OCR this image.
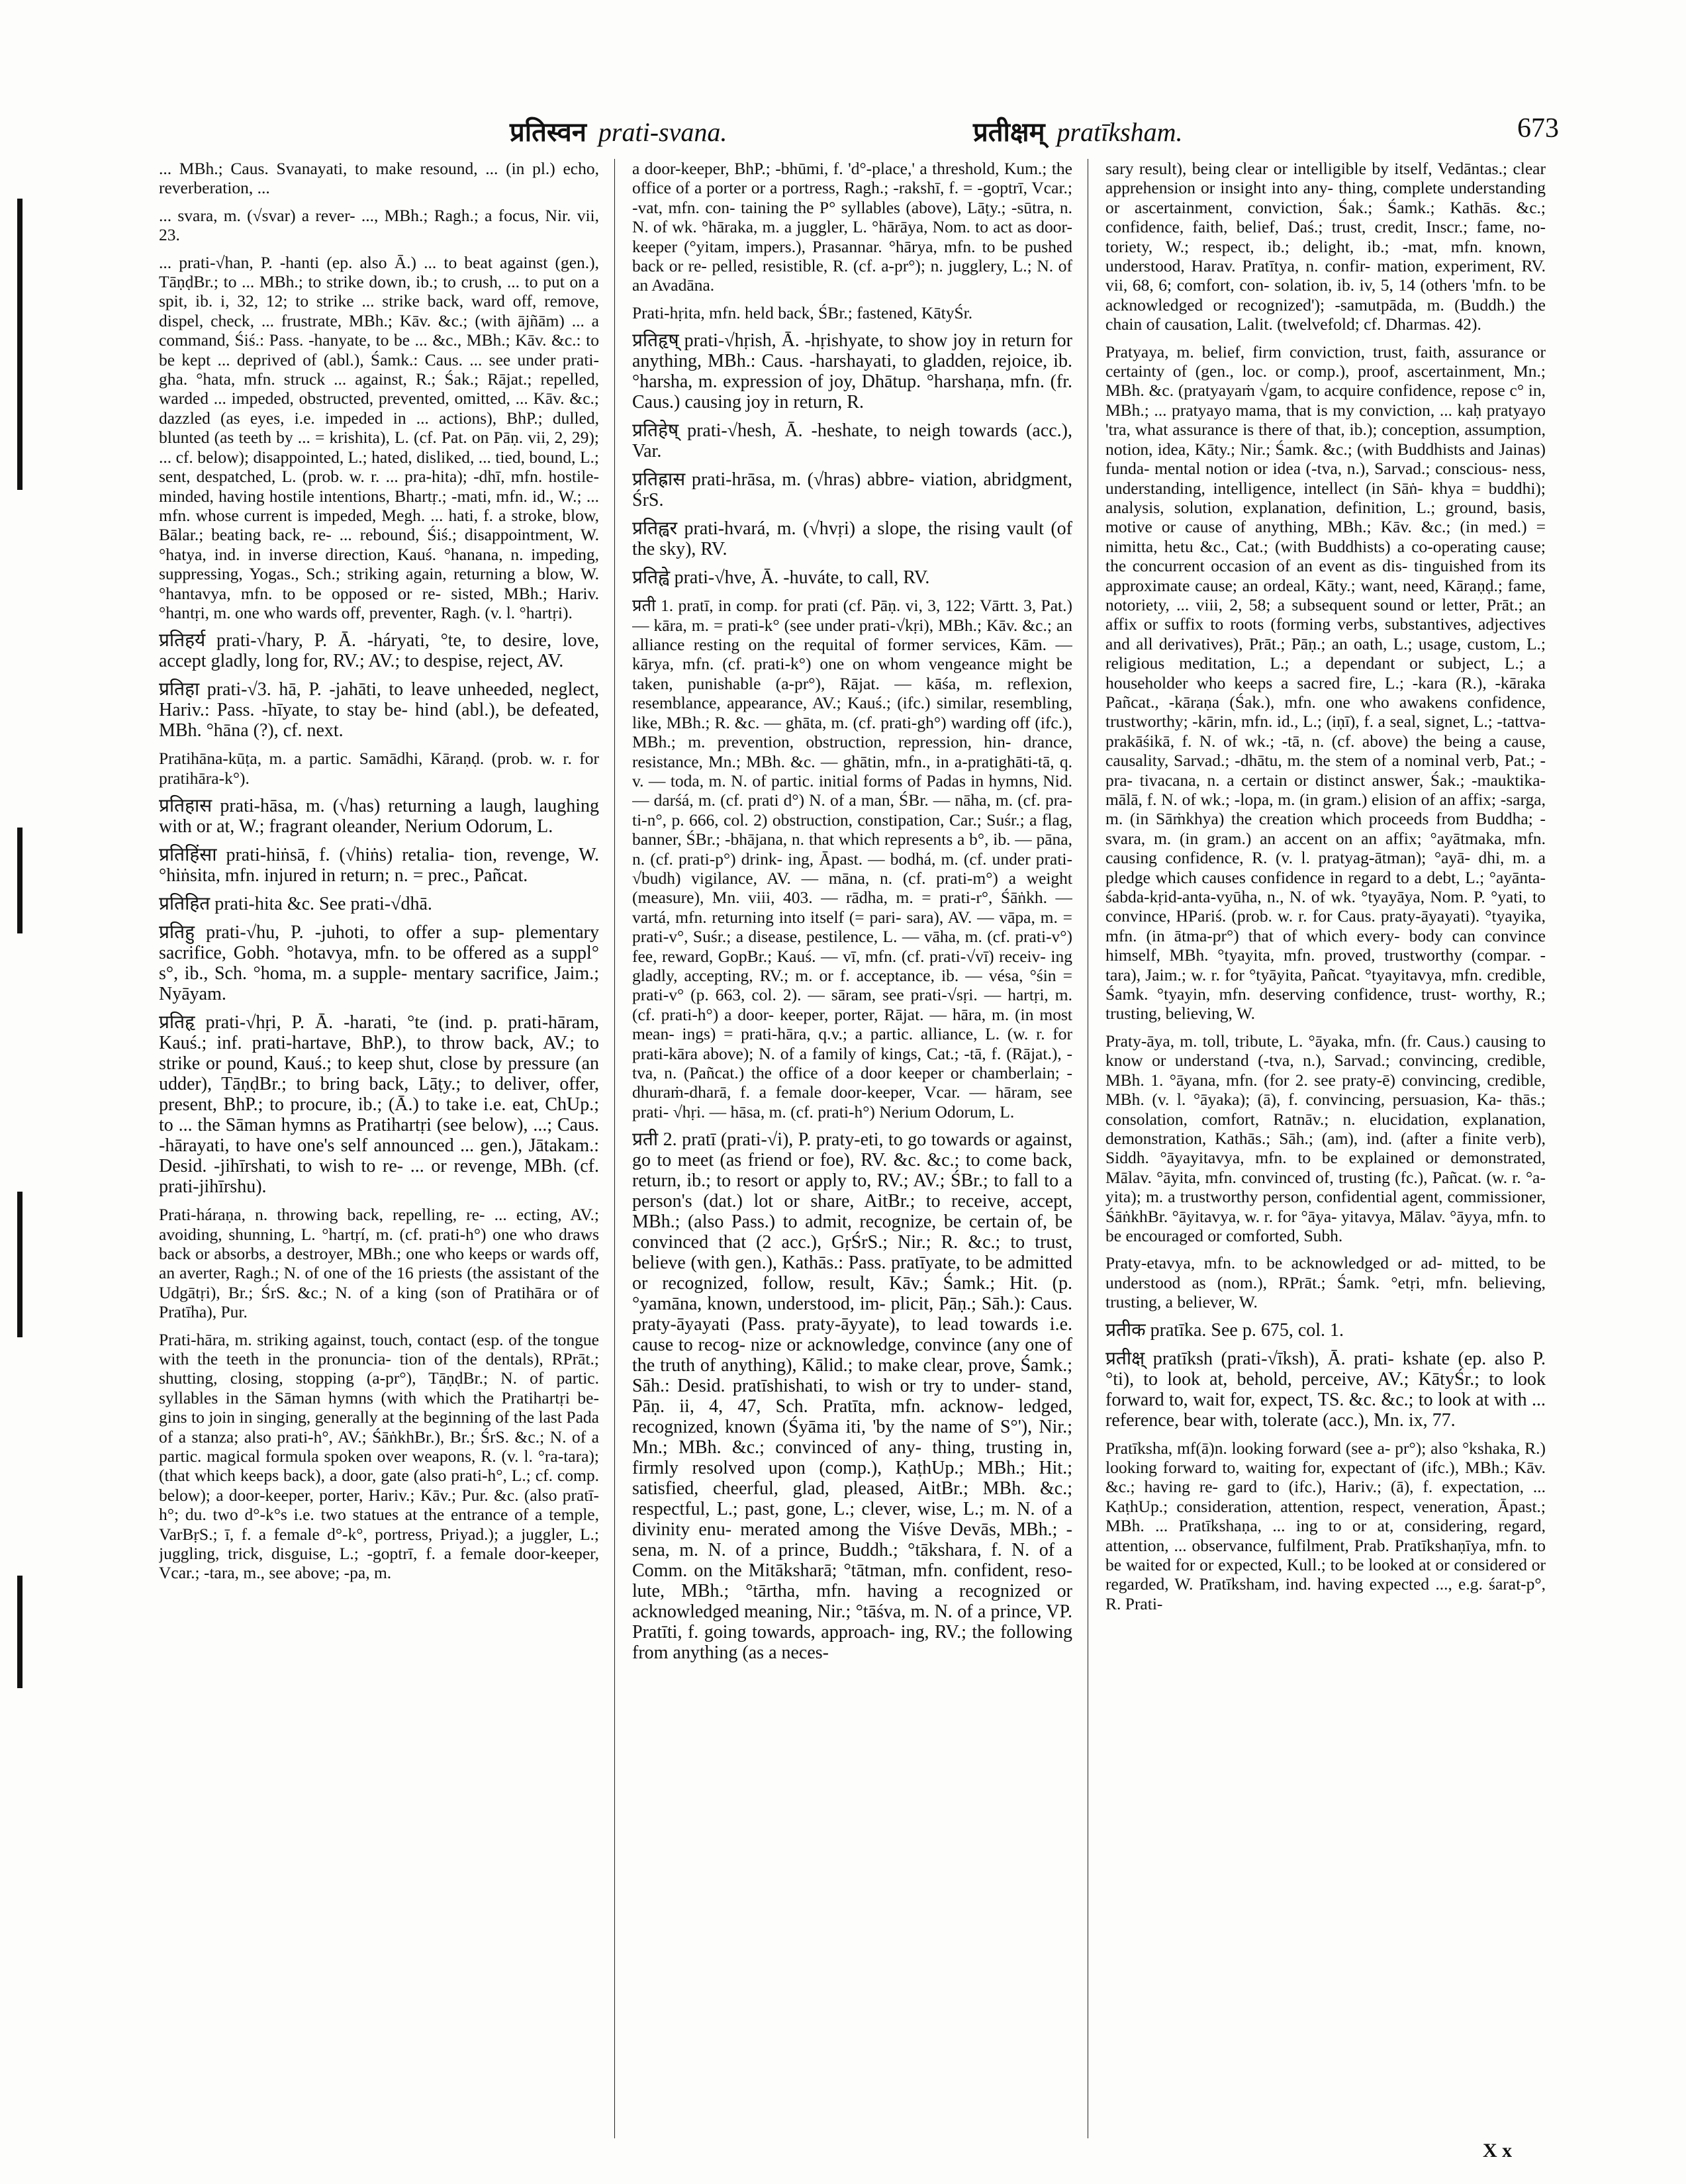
प्रतिस्वन prati-svana.	प्रतीक्षम् pratīksham.	673

... MBh.; Caus. Svanayati, to make resound, ... (in pl.) echo, reverberation, ...

... svara, m. (√svar) a rever- ..., MBh.; Ragh.; a focus, Nir. vii, 23.

... prati-√han, P. -hanti (ep. also Ā.) ... to beat against (gen.), TāṇḍBr.; to ... MBh.; to strike down, ib.; to crush, ... to put on a spit, ib. i, 32, 12; to strike ... strike back, ward off, remove, dispel, check, ... frustrate, MBh.; Kāv. &c.; (with ājñām) ... a command, Śiś.: Pass. -hanyate, to be ... &c., MBh.; Kāv. &c.: to be kept ... deprived of (abl.), Śamk.: Caus. ... see under prati-gha. °hata, mfn. struck ... against, R.; Śak.; Rājat.; repelled, warded ... impeded, obstructed, prevented, omitted, ... Kāv. &c.; dazzled (as eyes, i.e. impeded in ... actions), BhP.; dulled, blunted (as teeth by ... = krishita), L. (cf. Pat. on Pāṇ. vii, 2, 29); ... cf. below); disappointed, L.; hated, disliked, ... tied, bound, L.; sent, despatched, L. (prob. w. r. ... pra-hita); -dhī, mfn. hostile-minded, having hostile intentions, Bhartṛ.; -mati, mfn. id., W.; ... mfn. whose current is impeded, Megh. ... hati, f. a stroke, blow, Bālar.; beating back, re- ... rebound, Śiś.; disappointment, W. °hatya, ind. in inverse direction, Kauś. °hanana, n. impeding, suppressing, Yogas., Sch.; striking again, returning a blow, W. °hantavya, mfn. to be opposed or re- sisted, MBh.; Hariv. °hantṛi, m. one who wards off, preventer, Ragh. (v. l. °hartṛi).

प्रतिहर्य prati-√hary, P. Ā. -háryati, °te, to desire, love, accept gladly, long for, RV.; AV.; to despise, reject, AV.

प्रतिहा prati-√3. hā, P. -jahāti, to leave unheeded, neglect, Hariv.: Pass. -hīyate, to stay be- hind (abl.), be defeated, MBh. °hāna (?), cf. next.

Pratihāna-kūṭa, m. a partic. Samādhi, Kāraṇḍ. (prob. w. r. for pratihāra-k°).

प्रतिहास prati-hāsa, m. (√has) returning a laugh, laughing with or at, W.; fragrant oleander, Nerium Odorum, L.

प्रतिहिंसा prati-hiṅsā, f. (√hiṅs) retalia- tion, revenge, W. °hiṅsita, mfn. injured in return; n. = prec., Pañcat.

प्रतिहित prati-hita &c. See prati-√dhā.

प्रतिहु prati-√hu, P. -juhoti, to offer a sup- plementary sacrifice, Gobh. °hotavya, mfn. to be offered as a suppl° s°, ib., Sch. °homa, m. a supple- mentary sacrifice, Jaim.; Nyāyam.

प्रतिहृ prati-√hṛi, P. Ā. -harati, °te (ind. p. prati-hāram, Kauś.; inf. prati-hartave, BhP.), to throw back, AV.; to strike or pound, Kauś.; to keep shut, close by pressure (an udder), TāṇḍBr.; to bring back, Lāṭy.; to deliver, offer, present, BhP.; to procure, ib.; (Ā.) to take i.e. eat, ChUp.; to ... the Sāman hymns as Pratihartṛi (see below), ...; Caus. -hārayati, to have one's self announced ... gen.), Jātakam.: Desid. -jihīrshati, to wish to re- ... or revenge, MBh. (cf. prati-jihīrshu).

Prati-háraṇa, n. throwing back, repelling, re- ... ecting, AV.; avoiding, shunning, L. °hartṛí, m. (cf. prati-h°) one who draws back or absorbs, a destroyer, MBh.; one who keeps or wards off, an averter, Ragh.; N. of one of the 16 priests (the assistant of the Udgātṛi), Br.; ŚrS. &c.; N. of a king (son of Pratihāra or of Pratīha), Pur.

Prati-hāra, m. striking against, touch, contact (esp. of the tongue with the teeth in the pronuncia- tion of the dentals), RPrāt.; shutting, closing, stopping (a-pr°), TāṇḍBr.; N. of partic. syllables in the Sāman hymns (with which the Pratihartṛi be- gins to join in singing, generally at the beginning of the last Pada of a stanza; also prati-h°, AV.; ŚāṅkhBr.), Br.; ŚrS. &c.; N. of a partic. magical formula spoken over weapons, R. (v. l. °ra-tara); (that which keeps back), a door, gate (also prati-h°, L.; cf. comp. below); a door-keeper, porter, Hariv.; Kāv.; Pur. &c. (also pratī-h°; du. two d°-k°s i.e. two statues at the entrance of a temple, VarBṛS.; ī, f. a female d°-k°, portress, Priyad.); a juggler, L.; juggling, trick, disguise, L.; -goptrī, f. a female door-keeper, Vcar.; -tara, m., see above; -pa, m.

a door-keeper, BhP.; -bhūmi, f. 'd°-place,' a threshold, Kum.; the office of a porter or a portress, Ragh.; -rakshī, f. = -goptrī, Vcar.; -vat, mfn. con- taining the P° syllables (above), Lāṭy.; -sūtra, n. N. of wk. °hāraka, m. a juggler, L. °hārāya, Nom. to act as door-keeper (°yitam, impers.), Prasannar. °hārya, mfn. to be pushed back or re- pelled, resistible, R. (cf. a-pr°); n. jugglery, L.; N. of an Avadāna.

Prati-hṛita, mfn. held back, ŚBr.; fastened, KātyŚr.

प्रतिहृष् prati-√hṛish, Ā. -hṛishyate, to show joy in return for anything, MBh.: Caus. -harshayati, to gladden, rejoice, ib. °harsha, m. expression of joy, Dhātup. °harshaṇa, mfn. (fr. Caus.) causing joy in return, R.

प्रतिहेष् prati-√hesh, Ā. -heshate, to neigh towards (acc.), Var.

प्रतिह्रास prati-hrāsa, m. (√hras) abbre- viation, abridgment, ŚrS.

प्रतिह्वर prati-hvará, m. (√hvṛi) a slope, the rising vault (of the sky), RV.

प्रतिह्वे prati-√hve, Ā. -huváte, to call, RV.

प्रती 1. pratī, in comp. for prati (cf. Pāṇ. vi, 3, 122; Vārtt. 3, Pat.) — kāra, m. = prati-k° (see under prati-√kṛi), MBh.; Kāv. &c.; an alliance resting on the requital of former services, Kām. — kārya, mfn. (cf. prati-k°) one on whom vengeance might be taken, punishable (a-pr°), Rājat. — kāśa, m. reflexion, resemblance, appearance, AV.; Kauś.; (ifc.) similar, resembling, like, MBh.; R. &c. — ghāta, m. (cf. prati-gh°) warding off (ifc.), MBh.; m. prevention, obstruction, repression, hin- drance, resistance, Mn.; MBh. &c. — ghātin, mfn., in a-pratighāti-tā, q. v. — toda, m. N. of partic. initial forms of Padas in hymns, Nid. — darśá, m. (cf. prati d°) N. of a man, ŚBr. — nāha, m. (cf. pra- ti-n°, p. 666, col. 2) obstruction, constipation, Car.; Suśr.; a flag, banner, ŚBr.; -bhājana, n. that which represents a b°, ib. — pāna, n. (cf. prati-p°) drink- ing, Āpast. — bodhá, m. (cf. under prati-√budh) vigilance, AV. — māna, n. (cf. prati-m°) a weight (measure), Mn. viii, 403. — rādha, m. = prati-r°, Śāṅkh. — vartá, mfn. returning into itself (= pari- sara), AV. — vāpa, m. = prati-v°, Suśr.; a disease, pestilence, L. — vāha, m. (cf. prati-v°) fee, reward, GopBr.; Kauś. — vī, mfn. (cf. prati-√vī) receiv- ing gladly, accepting, RV.; m. or f. acceptance, ib. — vésa, °śin = prati-v° (p. 663, col. 2). — sāram, see prati-√sṛi. — hartṛi, m. (cf. prati-h°) a door- keeper, porter, Rājat. — hāra, m. (in most mean- ings) = prati-hāra, q.v.; a partic. alliance, L. (w. r. for prati-kāra above); N. of a family of kings, Cat.; -tā, f. (Rājat.), -tva, n. (Pañcat.) the office of a door keeper or chamberlain; -dhuraṁ-dharā, f. a female door-keeper, Vcar. — hāram, see prati- √hṛi. — hāsa, m. (cf. prati-h°) Nerium Odorum, L.

प्रती 2. pratī (prati-√i), P. praty-eti, to go towards or against, go to meet (as friend or foe), RV. &c. &c.; to come back, return, ib.; to resort or apply to, RV.; AV.; ŚBr.; to fall to a person's (dat.) lot or share, AitBr.; to receive, accept, MBh.; (also Pass.) to admit, recognize, be certain of, be convinced that (2 acc.), GṛŚrS.; Nir.; R. &c.; to trust, believe (with gen.), Kathās.: Pass. pratīyate, to be admitted or recognized, follow, result, Kāv.; Śamk.; Hit. (p. °yamāna, known, understood, im- plicit, Pāṇ.; Sāh.): Caus. praty-āyayati (Pass. praty-āyyate), to lead towards i.e. cause to recog- nize or acknowledge, convince (any one of the truth of anything), Kālid.; to make clear, prove, Śamk.; Sāh.: Desid. pratīshishati, to wish or try to under- stand, Pāṇ. ii, 4, 47, Sch. Pratīta, mfn. acknow- ledged, recognized, known (Śyāma iti, 'by the name of S°'), Nir.; Mn.; MBh. &c.; convinced of any- thing, trusting in, firmly resolved upon (comp.), KaṭhUp.; MBh.; Hit.; satisfied, cheerful, glad, pleased, AitBr.; MBh. &c.; respectful, L.; past, gone, L.; clever, wise, L.; m. N. of a divinity enu- merated among the Viśve Devās, MBh.; -sena, m. N. of a prince, Buddh.; °tākshara, f. N. of a Comm. on the Mitāksharā; °tātman, mfn. confident, reso- lute, MBh.; °tārtha, mfn. having a recognized or acknowledged meaning, Nir.; °tāśva, m. N. of a prince, VP. Pratīti, f. going towards, approach- ing, RV.; the following from anything (as a neces-

sary result), being clear or intelligible by itself, Vedāntas.; clear apprehension or insight into any- thing, complete understanding or ascertainment, conviction, Śak.; Śamk.; Kathās. &c.; confidence, faith, belief, Daś.; trust, credit, Inscr.; fame, no- toriety, W.; respect, ib.; delight, ib.; -mat, mfn. known, understood, Harav. Pratītya, n. confir- mation, experiment, RV. vii, 68, 6; comfort, con- solation, ib. iv, 5, 14 (others 'mfn. to be acknowledged or recognized'); -samutpāda, m. (Buddh.) the chain of causation, Lalit. (twelvefold; cf. Dharmas. 42).

Pratyaya, m. belief, firm conviction, trust, faith, assurance or certainty of (gen., loc. or comp.), proof, ascertainment, Mn.; MBh. &c. (pratyayaṁ √gam, to acquire confidence, repose c° in, MBh.; ... pratyayo mama, that is my conviction, ... kaḥ pratyayo 'tra, what assurance is there of that, ib.); conception, assumption, notion, idea, Kāty.; Nir.; Śamk. &c.; (with Buddhists and Jainas) funda- mental notion or idea (-tva, n.), Sarvad.; conscious- ness, understanding, intelligence, intellect (in Sāṅ- khya = buddhi); analysis, solution, explanation, definition, L.; ground, basis, motive or cause of anything, MBh.; Kāv. &c.; (in med.) = nimitta, hetu &c., Cat.; (with Buddhists) a co-operating cause; the concurrent occasion of an event as dis- tinguished from its approximate cause; an ordeal, Kāty.; want, need, Kāraṇḍ.; fame, notoriety, ... viii, 2, 58; a subsequent sound or letter, Prāt.; an affix or suffix to roots (forming verbs, substantives, adjectives and all derivatives), Prāt.; Pāṇ.; an oath, L.; usage, custom, L.; religious meditation, L.; a dependant or subject, L.; a householder who keeps a sacred fire, L.; -kara (R.), -kāraka Pañcat., -kāraṇa (Śak.), mfn. one who awakens confidence, trustworthy; -kārin, mfn. id., L.; (iṇī), f. a seal, signet, L.; -tattva-prakāśikā, f. N. of wk.; -tā, n. (cf. above) the being a cause, causality, Sarvad.; -dhātu, m. the stem of a nominal verb, Pat.; -pra- tivacana, n. a certain or distinct answer, Śak.; -mauktika-mālā, f. N. of wk.; -lopa, m. (in gram.) elision of an affix; -sarga, m. (in Sāṁkhya) the creation which proceeds from Buddha; -svara, m. (in gram.) an accent on an affix; °ayātmaka, mfn. causing confidence, R. (v. l. pratyag-ātman); °ayā- dhi, m. a pledge which causes confidence in regard to a debt, L.; °ayānta-śabda-kṛid-anta-vyūha, n., N. of wk. °tyayāya, Nom. P. °yati, to convince, HPariś. (prob. w. r. for Caus. praty-āyayati). °tyayika, mfn. (in ātma-pr°) that of which every- body can convince himself, MBh. °tyayita, mfn. proved, trustworthy (compar. -tara), Jaim.; w. r. for °tyāyita, Pañcat. °tyayitavya, mfn. credible, Śamk. °tyayin, mfn. deserving confidence, trust- worthy, R.; trusting, believing, W.

Praty-āya, m. toll, tribute, L. °āyaka, mfn. (fr. Caus.) causing to know or understand (-tva, n.), Sarvad.; convincing, credible, MBh. 1. °āyana, mfn. (for 2. see praty-ē) convincing, credible, MBh. (v. l. °āyaka); (ā), f. convincing, persuasion, Ka- thās.; consolation, comfort, Ratnāv.; n. elucidation, explanation, demonstration, Kathās.; Sāh.; (am), ind. (after a finite verb), Siddh. °āyayitavya, mfn. to be explained or demonstrated, Mālav. °āyita, mfn. convinced of, trusting (fc.), Pañcat. (w. r. °a- yita); m. a trustworthy person, confidential agent, commissioner, ŚāṅkhBr. °āyitavya, w. r. for °āya- yitavya, Mālav. °āyya, mfn. to be encouraged or comforted, Subh.

Praty-etavya, mfn. to be acknowledged or ad- mitted, to be understood as (nom.), RPrāt.; Śamk. °etṛi, mfn. believing, trusting, a believer, W.

प्रतीक pratīka. See p. 675, col. 1.

प्रतीक्ष् pratīksh (prati-√īksh), Ā. prati- kshate (ep. also P. °ti), to look at, behold, perceive, AV.; KātyŚr.; to look forward to, wait for, expect, TS. &c. &c.; to look at with ... reference, bear with, tolerate (acc.), Mn. ix, 77.

Pratīksha, mf(ā)n. looking forward (see a- pr°); also °kshaka, R.) looking forward to, waiting for, expectant of (ifc.), MBh.; Kāv. &c.; having re- gard to (ifc.), Hariv.; (ā), f. expectation, ... KaṭhUp.; consideration, attention, respect, veneration, Āpast.; MBh. ... Pratīkshaṇa, ... ing to or at, considering, regard, attention, ... observance, fulfilment, Prab. Pratīkshaṇīya, mfn. to be waited for or expected, Kull.; to be looked at or considered or regarded, W. Pratīksham, ind. having expected ..., e.g. śarat-p°, R. Prati-

X x
